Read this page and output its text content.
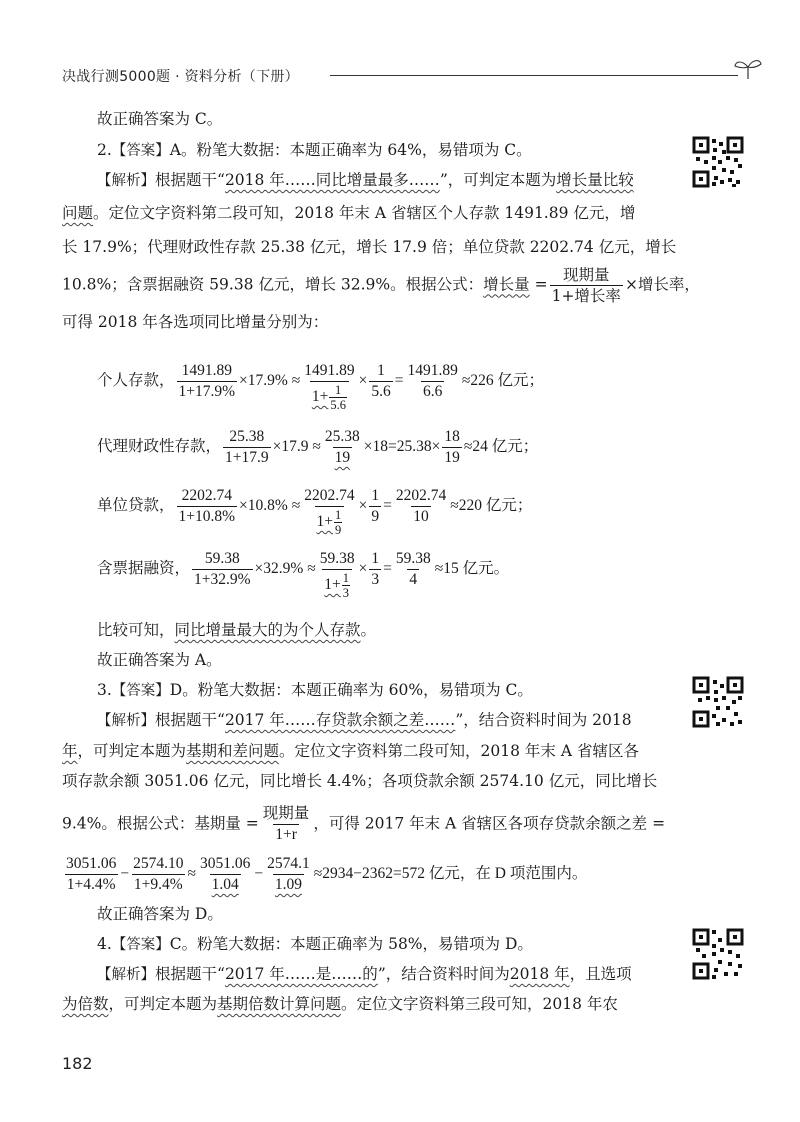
决战行测5000题 · 资料分析（下册）
故正确答案为 C。
2.【答案】A。粉笔大数据：本题正确率为 64%，易错项为 C。
【解析】根据题干“2018 年……同比增量最多……”，可判定本题为增长量比较
问题。定位文字资料第二段可知，2018 年末 A 省辖区个人存款 1491.89 亿元，增
长 17.9%；代理财政性存款 25.38 亿元，增长 17.9 倍；单位贷款 2202.74 亿元，增长
10.8%；含票据融资 59.38 亿元，增长 32.9%。根据公式：增长量 = $\frac{\text{现期量}}{\text{1+增长率}}$ ×增长率，
可得 2018 年各选项同比增量分别为：
个人存款， $\frac{1491.89}{1+17.9\%} \times 17.9\% \approx \frac{1491.89}{1+ \frac{1}{5.6}} \times \frac{1}{5.6} = \frac{1491.89}{6.6} \approx 226$ 亿元；
代理财政性存款， $\frac{25.38}{1+17.9} \times 17.9 \approx \frac{25.38}{19} \times 18=25.38\times \frac{18}{19} \approx 24$ 亿元；
单位贷款， $\frac{2202.74}{1+10.8\%} \times 10.8\% \approx \frac{2202.74}{1+ \frac{1}{9}} \times \frac{1}{9} = \frac{2202.74}{10} \approx 220$ 亿元；
含票据融资， $\frac{59.38}{1+32.9\%} \times 32.9\% \approx \frac{59.38}{1+ \frac{1}{3}} \times \frac{1}{3} = \frac{59.38}{4} \approx 15$ 亿元。
比较可知，同比增量最大的为个人存款。
故正确答案为 A。
3.【答案】D。粉笔大数据：本题正确率为 60%，易错项为 C。
【解析】根据题干“2017 年……存贷款余额之差……”，结合资料时间为 2018
年，可判定本题为基期和差问题。定位文字资料第二段可知，2018 年末 A 省辖区各
项存款余额 3051.06 亿元，同比增长 4.4%；各项贷款余额 2574.10 亿元，同比增长
9.4%。根据公式：基期量 = $\frac{\text{现期量}}{1+r}$ ，可得 2017 年末 A 省辖区各项存贷款余额之差 =
$\frac{3051.06}{1+4.4\%} - \frac{2574.10}{1+9.4\%} \approx \frac{3051.06}{1.04} - \frac{2574.1}{1.09} \approx 2934-2362=572$ 亿元，在 D 项范围内。
故正确答案为 D。
4.【答案】C。粉笔大数据：本题正确率为 58%，易错项为 D。
【解析】根据题干“2017 年……是……的”，结合资料时间为2018 年，且选项
为倍数，可判定本题为基期倍数计算问题。定位文字资料第三段可知，2018 年农
182
